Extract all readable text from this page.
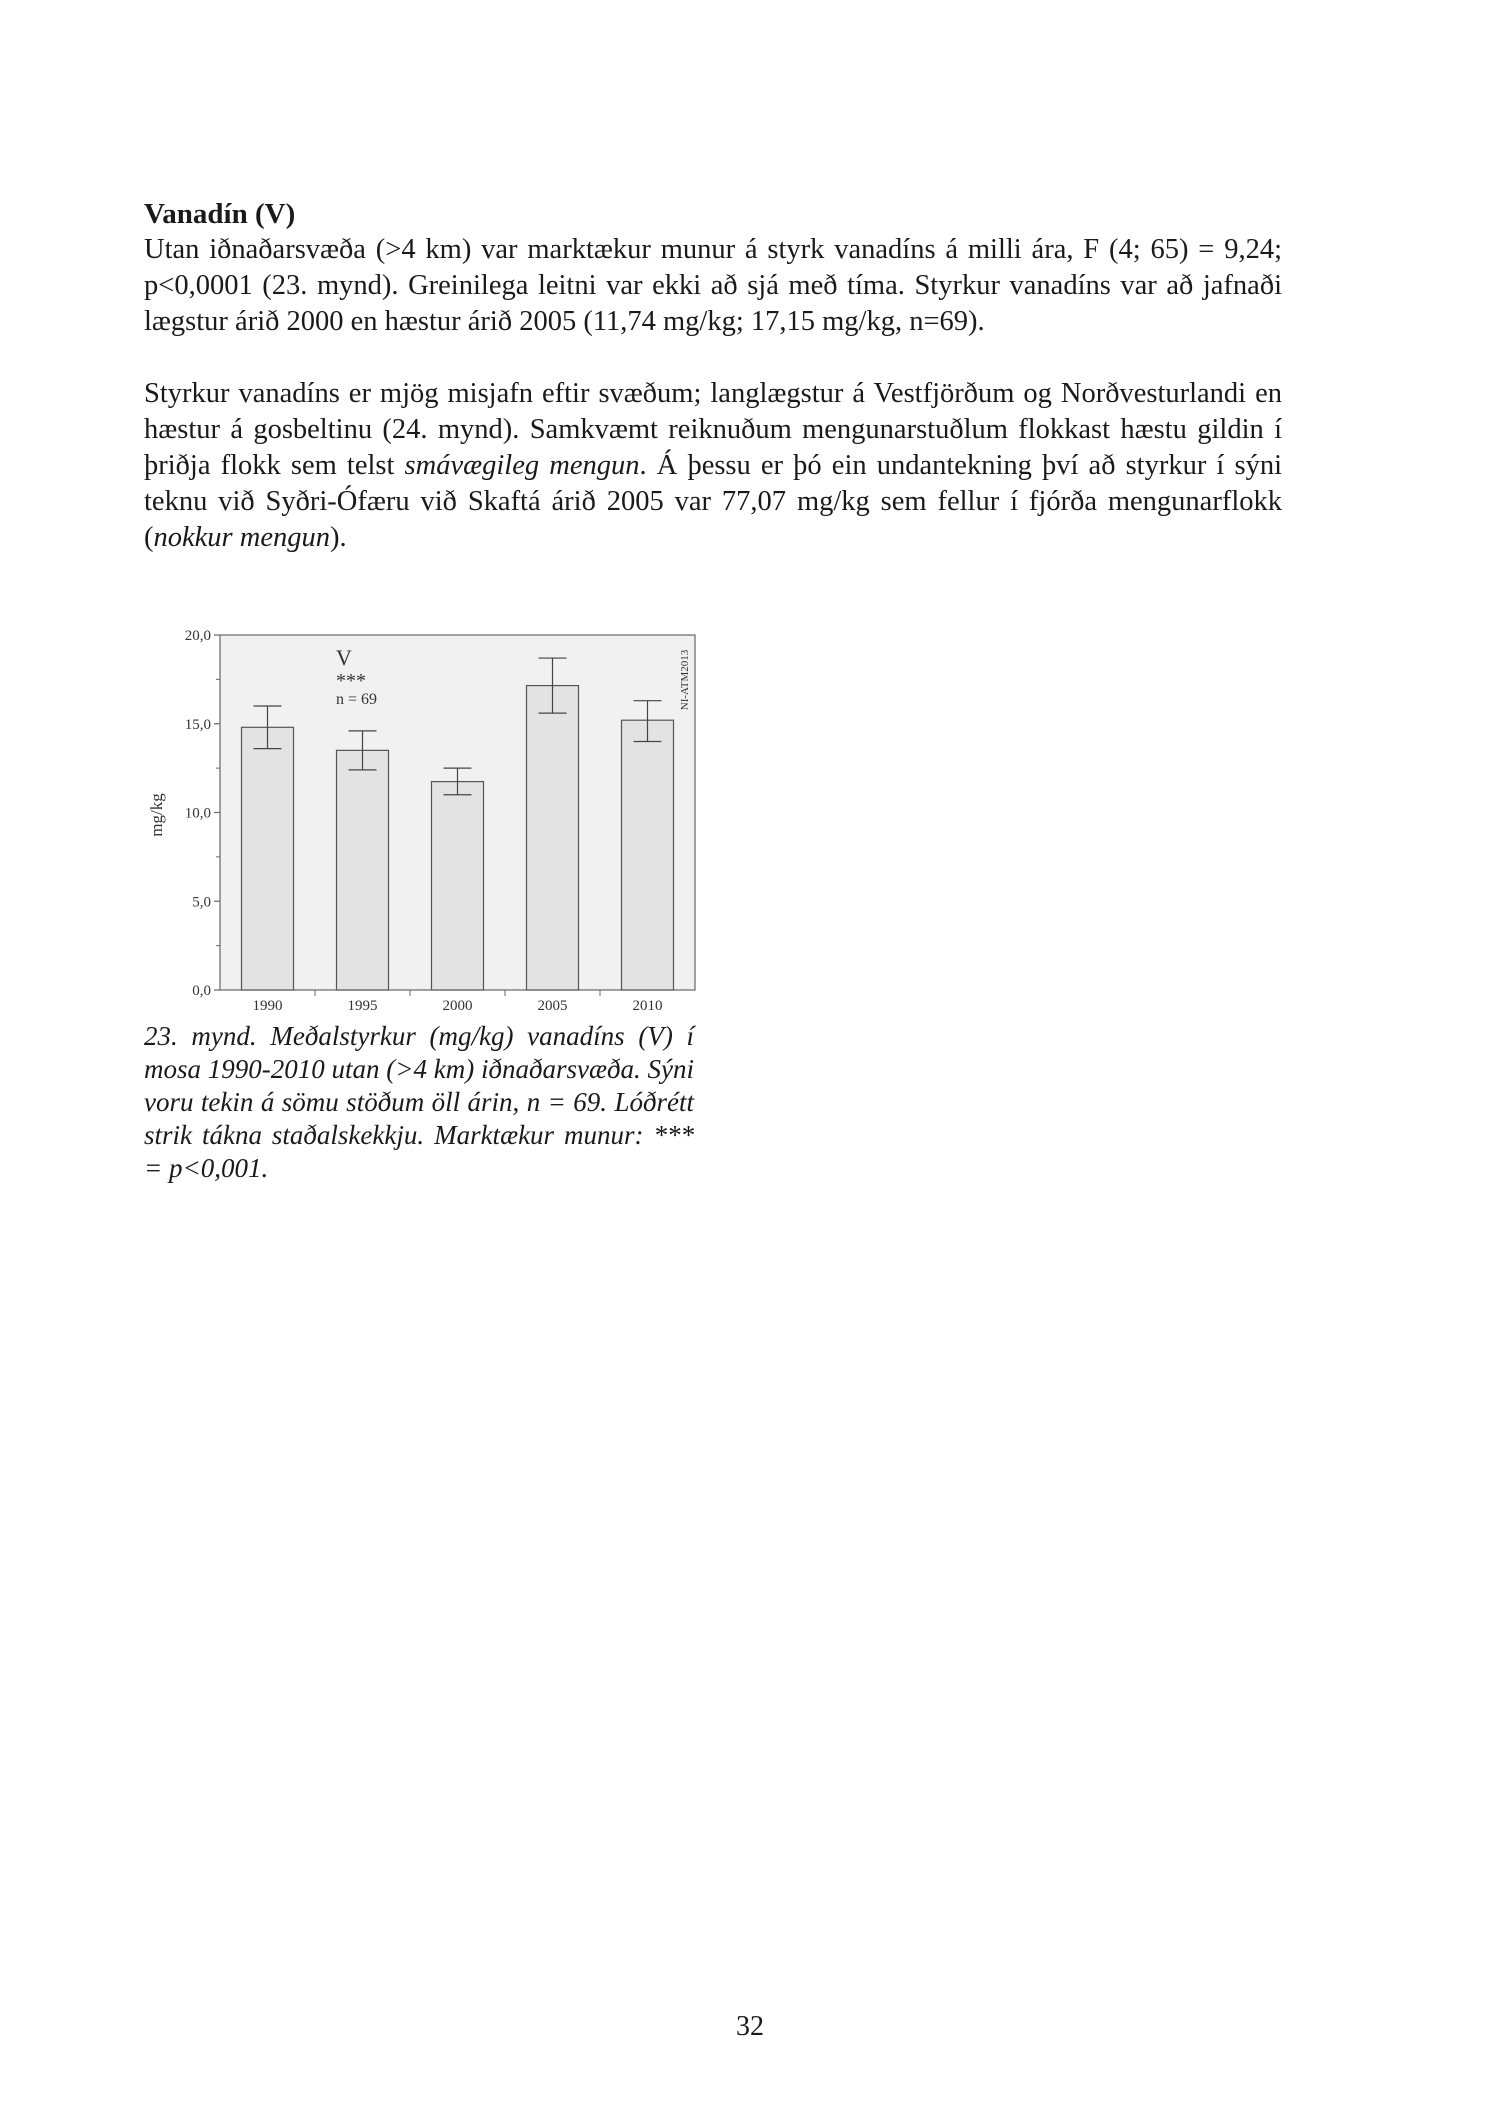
Vanadín (V)

Utan iðnaðarsvæða (>4 km) var marktækur munur á styrk vanadíns á milli ára, F (4; 65) = 9,24; p<0,0001 (23. mynd). Greinilega leitni var ekki að sjá með tíma. Styrkur vanadíns var að jafnaði lægstur árið 2000 en hæstur árið 2005 (11,74 mg/kg; 17,15 mg/kg, n=69).

Styrkur vanadíns er mjög misjafn eftir svæðum; langlægstur á Vestfjörðum og Norðvesturlandi en hæstur á gosbeltinu (24. mynd). Samkvæmt reiknuðum mengunarstuðlum flokkast hæstu gildin í þriðja flokk sem telst smávægileg mengun. Á þessu er þó ein undantekning því að styrkur í sýni teknu við Syðri-Ófæru við Skaftá árið 2005 var 77,07 mg/kg sem fellur í fjórða mengunarflokk (nokkur mengun).

0,0
5,0
10,0
15,0
20,0
1990	1995	2000	2005	2010
mg/kg
V
***
n = 69	NI-ATM2013

23. mynd. Meðalstyrkur (mg/kg) vanadíns (V) í mosa 1990-2010 utan (>4 km) iðnaðarsvæða. Sýni voru tekin á sömu stöðum öll árin, n = 69. Lóðrétt strik tákna staðalskekkju. Marktækur munur: *** = p<0,001.

32
